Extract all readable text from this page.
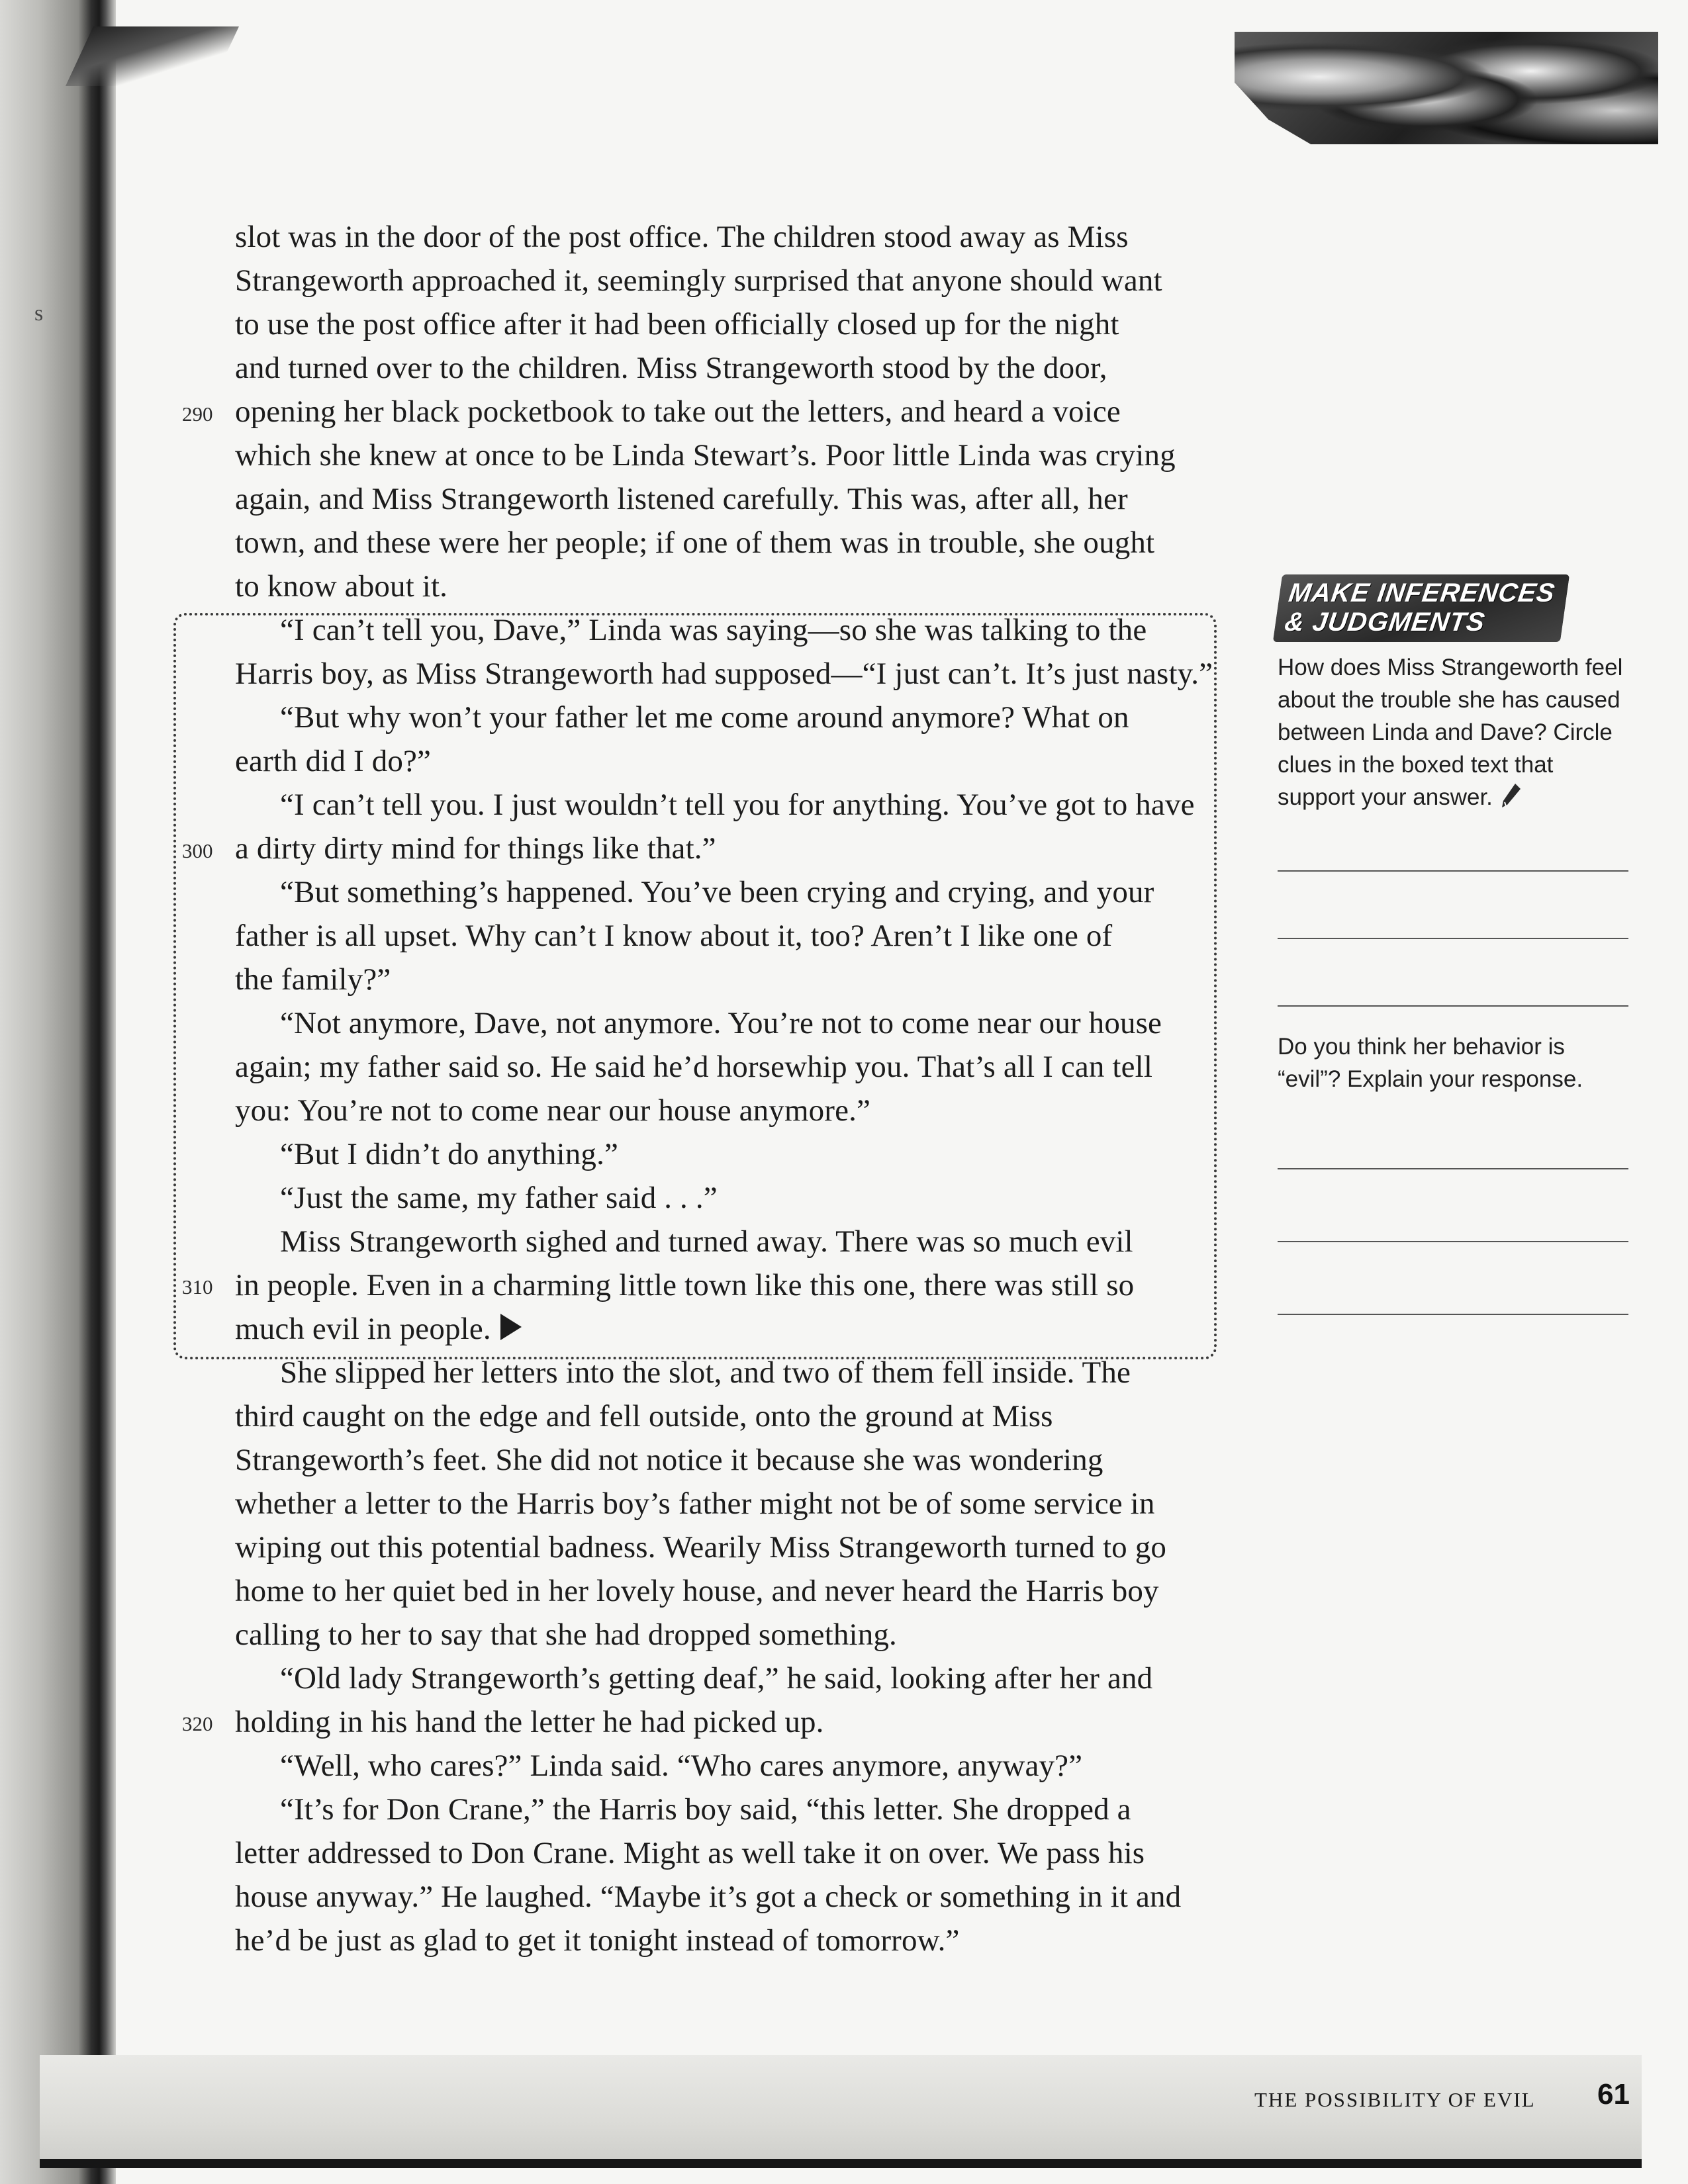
s
290
300
310
320
slot was in the door of the post office. The children stood away as Miss
Strangeworth approached it, seemingly surprised that anyone should want
to use the post office after it had been officially closed up for the night
and turned over to the children. Miss Strangeworth stood by the door,
opening her black pocketbook to take out the letters, and heard a voice
which she knew at once to be Linda Stewart’s. Poor little Linda was crying
again, and Miss Strangeworth listened carefully. This was, after all, her
town, and these were her people; if one of them was in trouble, she ought
to know about it.
“I can’t tell you, Dave,” Linda was saying—so she was talking to the
Harris boy, as Miss Strangeworth had supposed—“I just can’t. It’s just nasty.”
“But why won’t your father let me come around anymore? What on
earth did I do?”
“I can’t tell you. I just wouldn’t tell you for anything. You’ve got to have
a dirty dirty mind for things like that.”
“But something’s happened. You’ve been crying and crying, and your
father is all upset. Why can’t I know about it, too? Aren’t I like one of
the family?”
“Not anymore, Dave, not anymore. You’re not to come near our house
again; my father said so. He said he’d horsewhip you. That’s all I can tell
you: You’re not to come near our house anymore.”
“But I didn’t do anything.”
“Just the same, my father said . . .”
Miss Strangeworth sighed and turned away. There was so much evil
in people. Even in a charming little town like this one, there was still so
much evil in people.
She slipped her letters into the slot, and two of them fell inside. The
third caught on the edge and fell outside, onto the ground at Miss
Strangeworth’s feet. She did not notice it because she was wondering
whether a letter to the Harris boy’s father might not be of some service in
wiping out this potential badness. Wearily Miss Strangeworth turned to go
home to her quiet bed in her lovely house, and never heard the Harris boy
calling to her to say that she had dropped something.
“Old lady Strangeworth’s getting deaf,” he said, looking after her and
holding in his hand the letter he had picked up.
“Well, who cares?” Linda said. “Who cares anymore, anyway?”
“It’s for Don Crane,” the Harris boy said, “this letter. She dropped a
letter addressed to Don Crane. Might as well take it on over. We pass his
house anyway.” He laughed. “Maybe it’s got a check or something in it and
he’d be just as glad to get it tonight instead of tomorrow.”
MAKE INFERENCES
& JUDGMENTS
How does Miss Strangeworth feel about the trouble she has caused between Linda and Dave? Circle clues in the boxed text that support your answer.
Do you think her behavior is “evil”? Explain your response.
THE POSSIBILITY OF EVIL 61
